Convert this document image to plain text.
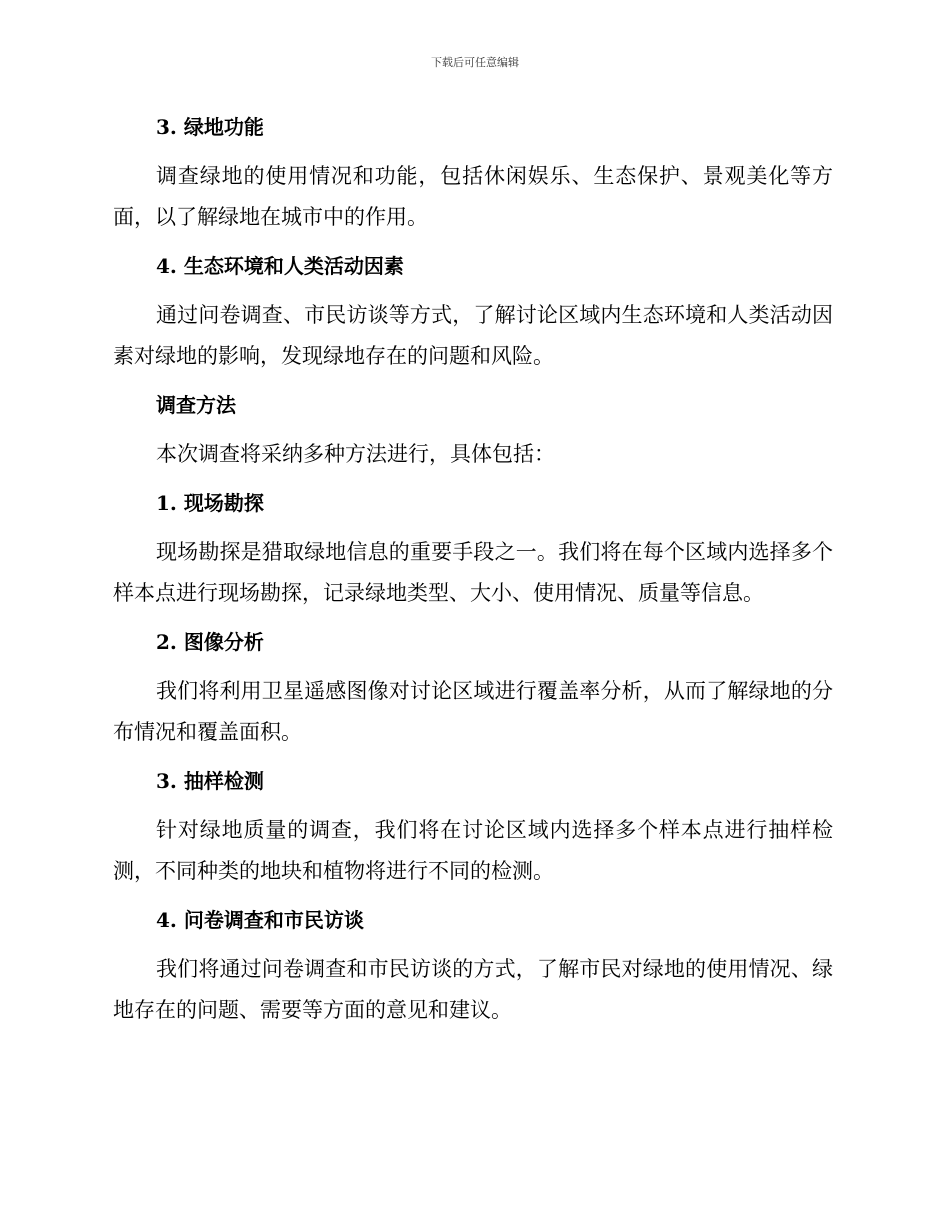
下载后可任意编辑
3. 绿地功能
调查绿地的使用情况和功能，包括休闲娱乐、生态保护、景观美化等方面，以了解绿地在城市中的作用。
4. 生态环境和人类活动因素
通过问卷调查、市民访谈等方式，了解讨论区域内生态环境和人类活动因素对绿地的影响，发现绿地存在的问题和风险。
调查方法
本次调查将采纳多种方法进行，具体包括：
1. 现场勘探
现场勘探是猎取绿地信息的重要手段之一。我们将在每个区域内选择多个样本点进行现场勘探，记录绿地类型、大小、使用情况、质量等信息。
2. 图像分析
我们将利用卫星遥感图像对讨论区域进行覆盖率分析，从而了解绿地的分布情况和覆盖面积。
3. 抽样检测
针对绿地质量的调查，我们将在讨论区域内选择多个样本点进行抽样检测，不同种类的地块和植物将进行不同的检测。
4. 问卷调查和市民访谈
我们将通过问卷调查和市民访谈的方式，了解市民对绿地的使用情况、绿地存在的问题、需要等方面的意见和建议。
